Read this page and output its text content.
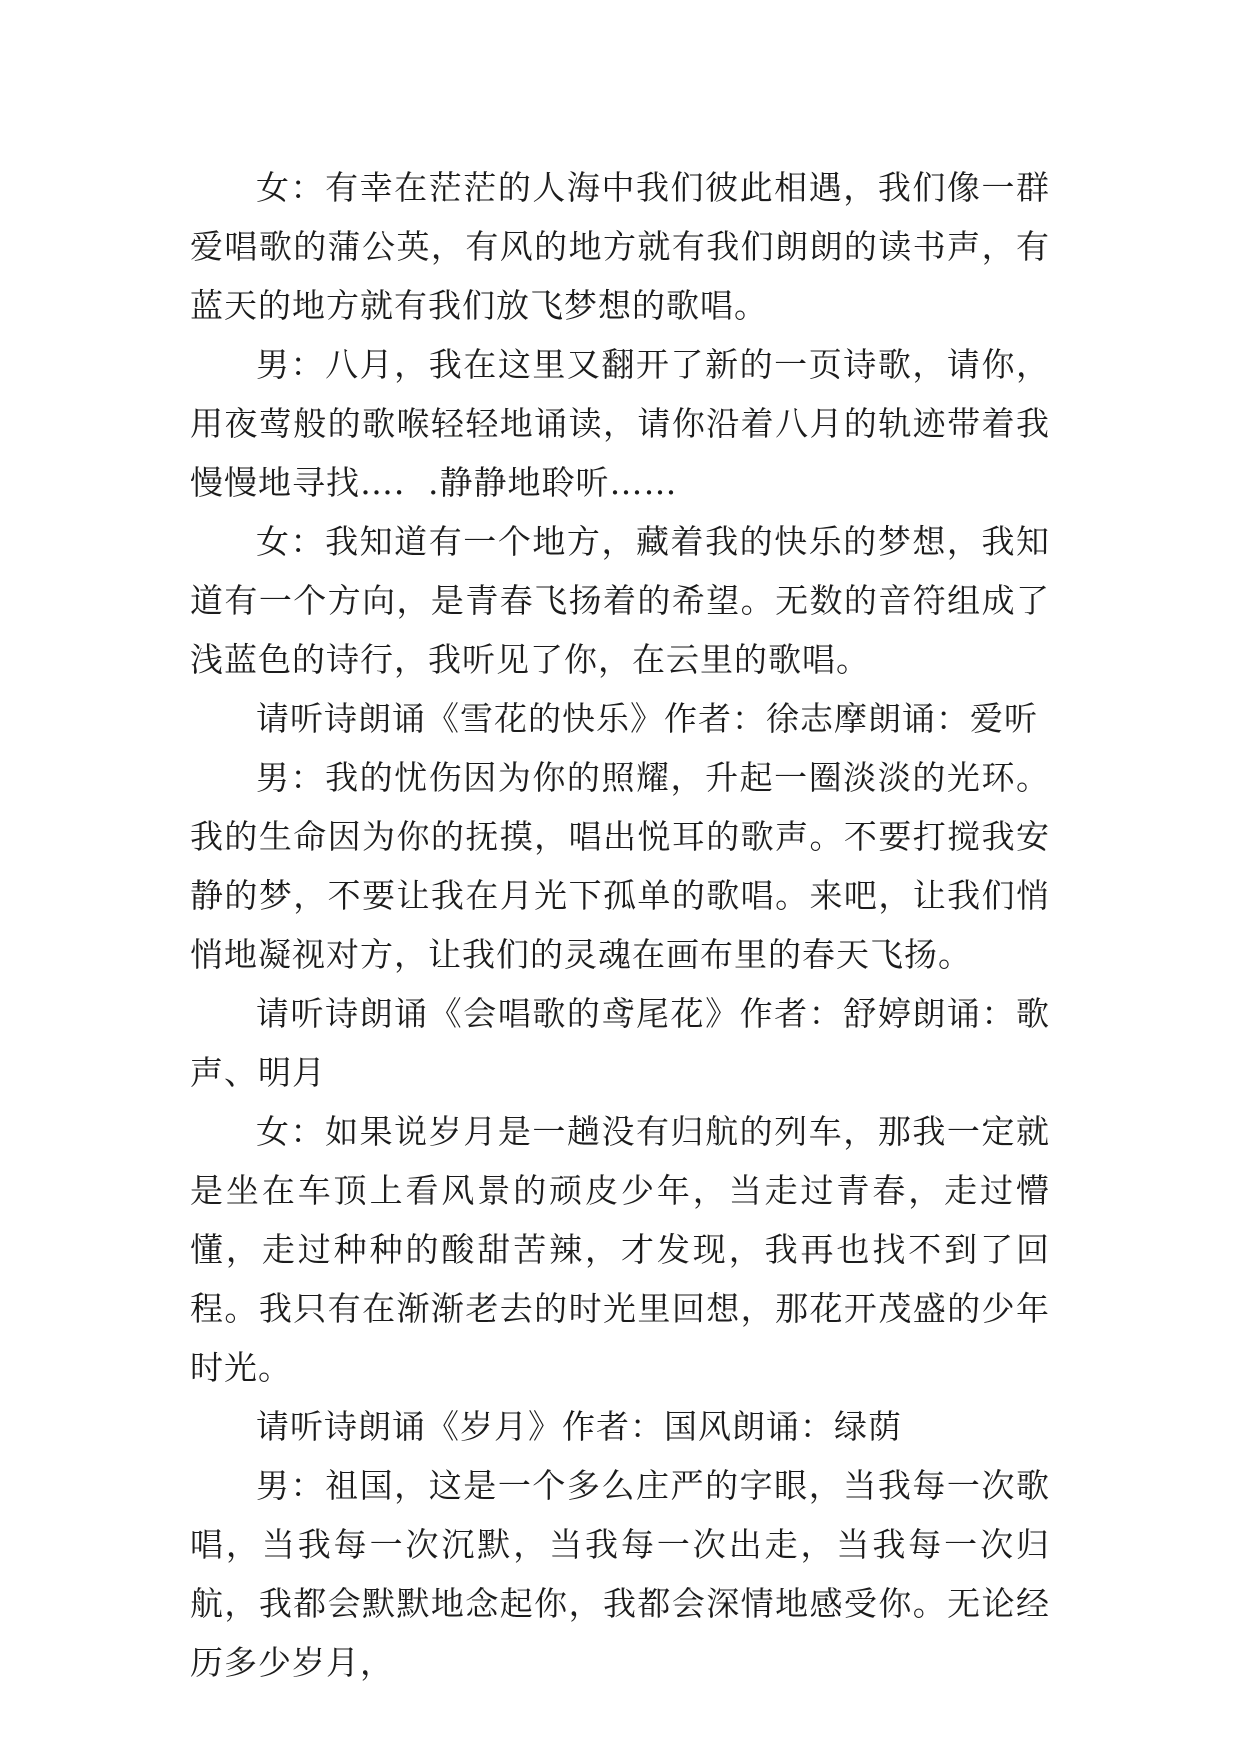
女：有幸在茫茫的人海中我们彼此相遇，我们像一群爱唱歌的蒲公英，有风的地方就有我们朗朗的读书声，有蓝天的地方就有我们放飞梦想的歌唱。

男：八月，我在这里又翻开了新的一页诗歌，请你，用夜莺般的歌喉轻轻地诵读，请你沿着八月的轨迹带着我慢慢地寻找…．.静静地聆听……

女：我知道有一个地方，藏着我的快乐的梦想，我知道有一个方向，是青春飞扬着的希望。无数的音符组成了浅蓝色的诗行，我听见了你，在云里的歌唱。

请听诗朗诵《雪花的快乐》作者：徐志摩朗诵：爱听

男：我的忧伤因为你的照耀，升起一圈淡淡的光环。我的生命因为你的抚摸，唱出悦耳的歌声。不要打搅我安静的梦，不要让我在月光下孤单的歌唱。来吧，让我们悄悄地凝视对方，让我们的灵魂在画布里的春天飞扬。

请听诗朗诵《会唱歌的鸢尾花》作者：舒婷朗诵：歌声、明月

女：如果说岁月是一趟没有归航的列车，那我一定就是坐在车顶上看风景的顽皮少年，当走过青春，走过懵懂，走过种种的酸甜苦辣，才发现，我再也找不到了回程。我只有在渐渐老去的时光里回想，那花开茂盛的少年时光。

请听诗朗诵《岁月》作者：国风朗诵：绿荫

男：祖国，这是一个多么庄严的字眼，当我每一次歌唱，当我每一次沉默，当我每一次出走，当我每一次归航，我都会默默地念起你，我都会深情地感受你。无论经历多少岁月，
